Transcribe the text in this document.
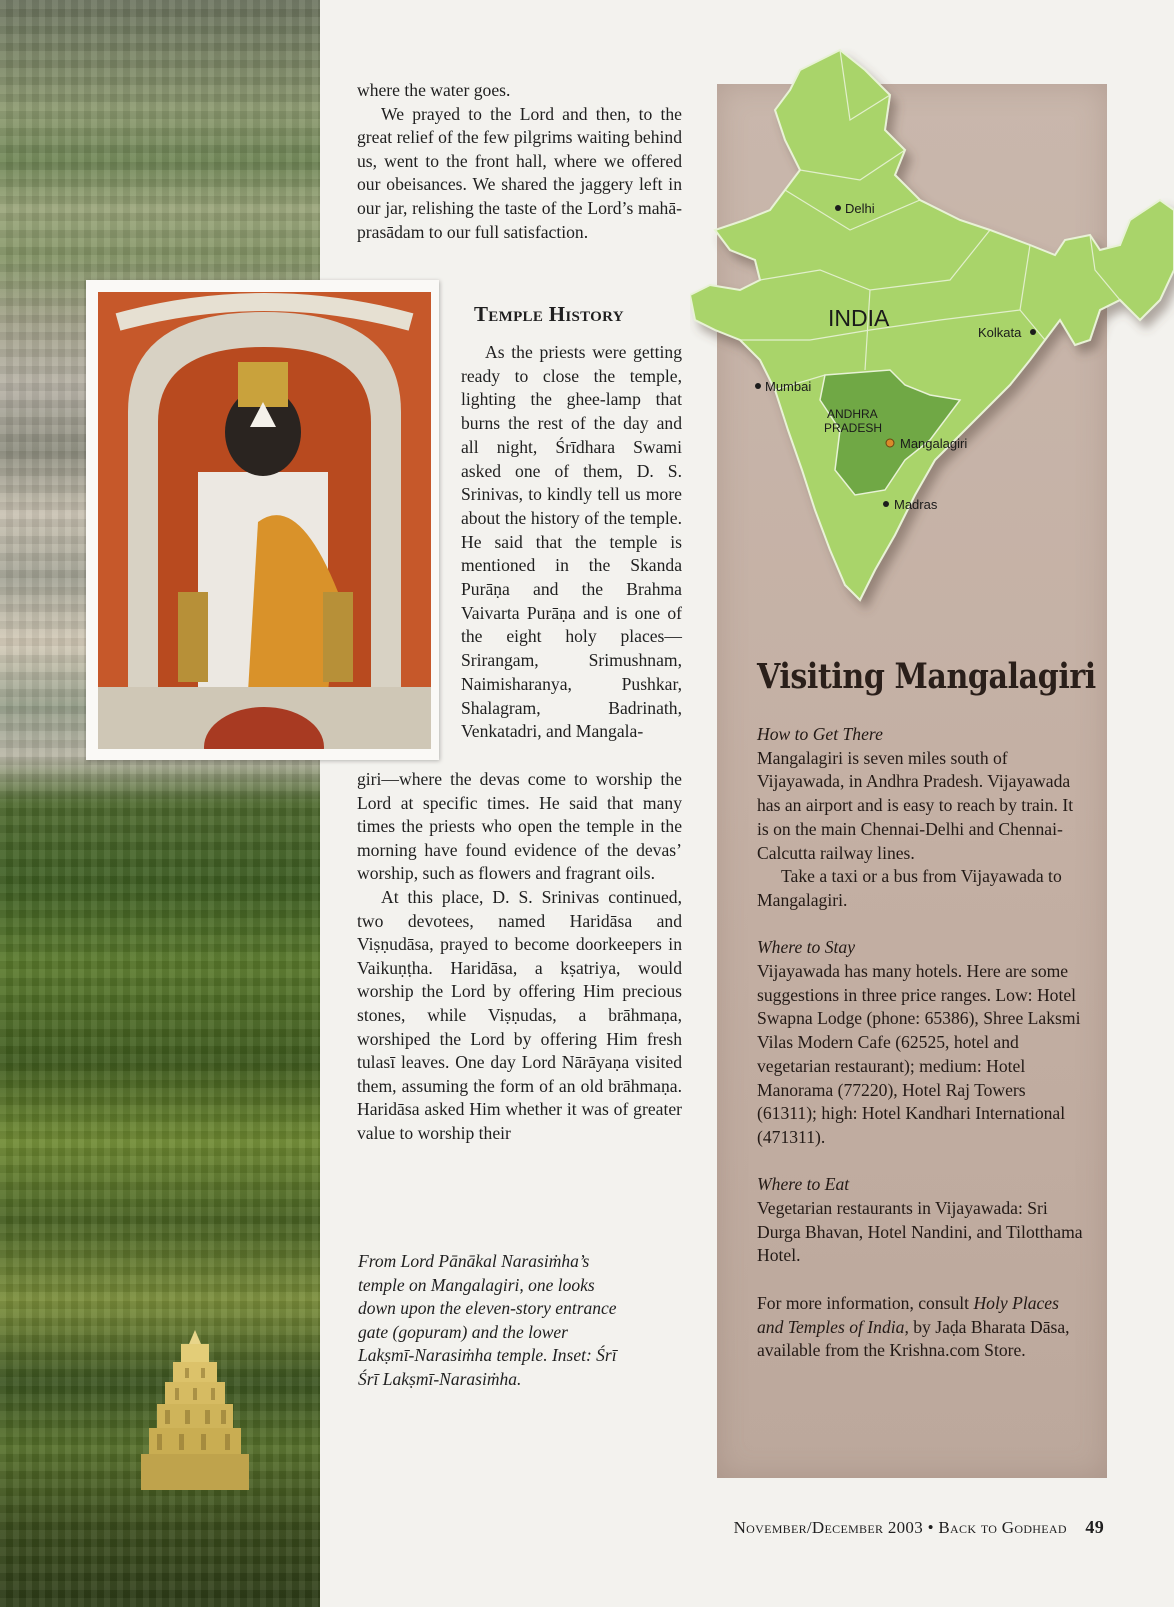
where the water goes.

We prayed to the Lord and then, to the great relief of the few pilgrims waiting behind us, went to the front hall, where we offered our obeisances. We shared the jaggery left in our jar, relishing the taste of the Lord’s mahā-prasādam to our full satisfaction.

Temple History

As the priests were getting ready to close the temple, lighting the ghee-lamp that burns the rest of the day and all night, Śrīdhara Swami asked one of them, D. S. Srinivas, to kindly tell us more about the history of the temple. He said that the temple is mentioned in the Skanda Purāṇa and the Brahma Vaivarta Purāṇa and is one of the eight holy places—Srirangam, Srimushnam, Naimisharanya, Pushkar, Shalagram, Badrinath, Venkatadri, and Mangala-

giri—where the devas come to worship the Lord at specific times. He said that many times the priests who open the temple in the morning have found evidence of the devas’ worship, such as flowers and fragrant oils.

At this place, D. S. Srinivas continued, two devotees, named Haridāsa and Viṣṇudāsa, prayed to become doorkeepers in Vaikuṇṭha. Haridāsa, a kṣatriya, would worship the Lord by offering Him precious stones, while Viṣṇudas, a brāhmaṇa, worshiped the Lord by offering Him fresh tulasī leaves. One day Lord Nārāyaṇa visited them, assuming the form of an old brāhmaṇa. Haridāsa asked Him whether it was of greater value to worship their

From Lord Pānākal Narasiṁha’s temple on Mangalagiri, one looks down upon the eleven-story entrance gate (gopuram) and the lower Lakṣmī-Narasiṁha temple. Inset: Śrī Śrī Lakṣmī-Narasiṁha.
Delhi
Kolkata
Mumbai
Madras
Mangalagiri
INDIA
ANDHRA
PRADESH
Visiting Mangalagiri
How to Get There

Mangalagiri is seven miles south of Vijayawada, in Andhra Pradesh. Vijayawada has an airport and is easy to reach by train. It is on the main Chennai-Delhi and Chennai-Calcutta railway lines.

Take a taxi or a bus from Vijayawada to Mangalagiri.

Where to Stay

Vijayawada has many hotels. Here are some suggestions in three price ranges. Low: Hotel Swapna Lodge (phone: 65386), Shree Laksmi Vilas Modern Cafe (62525, hotel and vegetarian restaurant); medium: Hotel Manorama (77220), Hotel Raj Towers (61311); high: Hotel Kandhari International (471311).

Where to Eat

Vegetarian restaurants in Vijayawada: Sri Durga Bhavan, Hotel Nandini, and Tilotthama Hotel.

For more information, consult Holy Places and Temples of India, by Jaḍa Bharata Dāsa, available from the Krishna.com Store.

November/December 2003 • Back to Godhead 49
